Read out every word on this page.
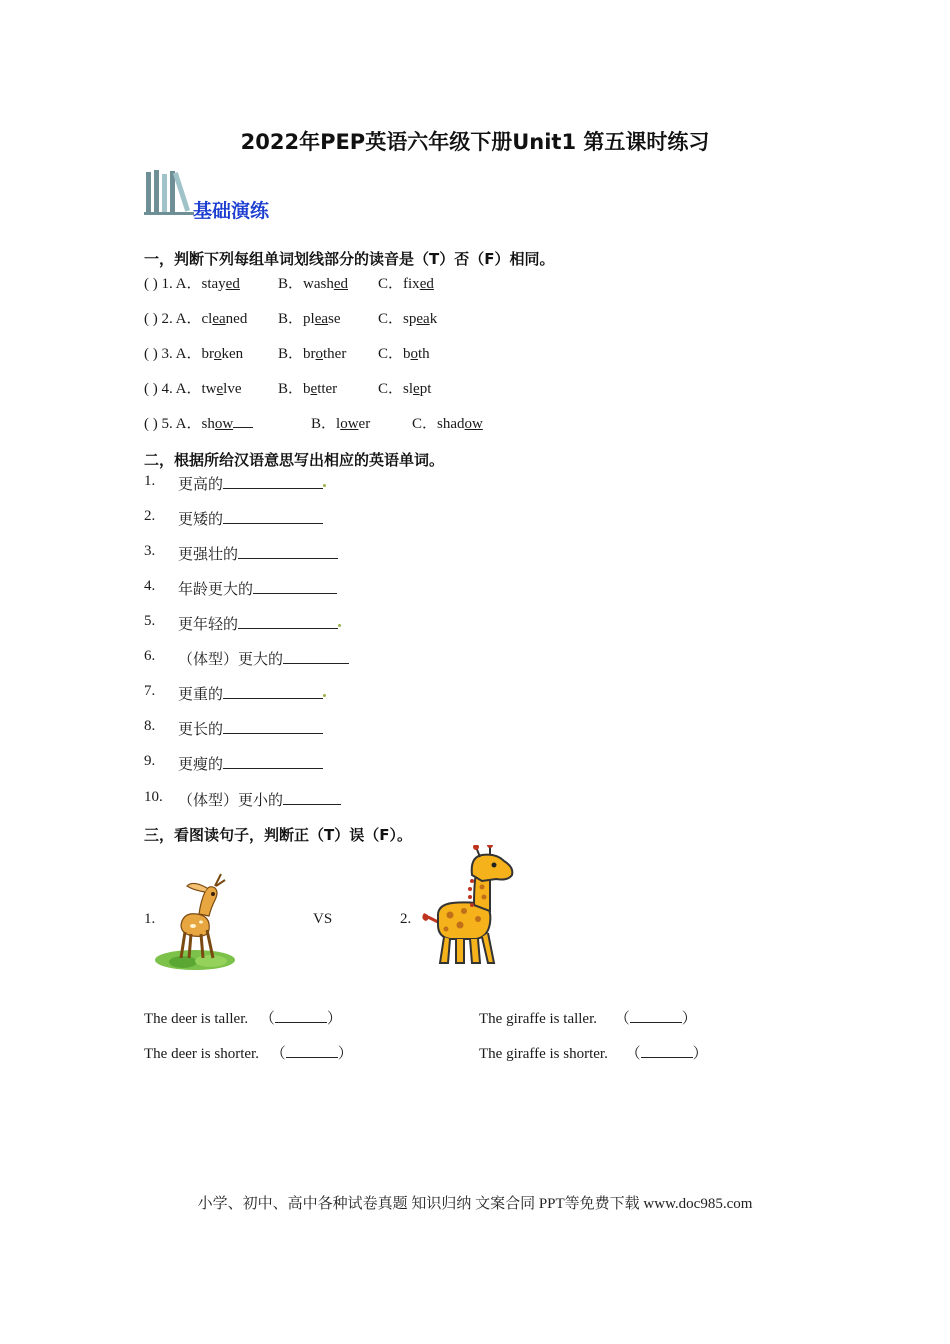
2022年PEP英语六年级下册Unit1 第五课时练习
基础演练
一，判断下列每组单词划线部分的读音是（T）否（F）相同。
( ) 1. A．stayed	B．washed C．fixed
( ) 2. A．cleaned B．please C．speak
( ) 3. A．broken B．brother C．both
( ) 4. A．twelve B．better	C．slept
( ) 5. A．show	B．lower	C．shadow
二，根据所给汉语意思写出相应的英语单词。
1. 更高的
2. 更矮的
3. 更强壮的
4. 年龄更大的
5. 更年轻的
6. （体型）更大的
7. 更重的
8. 更长的
9. 更瘦的
10. （体型）更小的
三，看图读句子，判断正（T）误（F）。
1.	VS	2.
The deer is taller. （	）
The deer is shorter. （	）
The giraffe is taller. （	）
The giraffe is shorter. （	）
小学、初中、高中各种试卷真题 知识归纳 文案合同 PPT等免费下载 www.doc985.com
